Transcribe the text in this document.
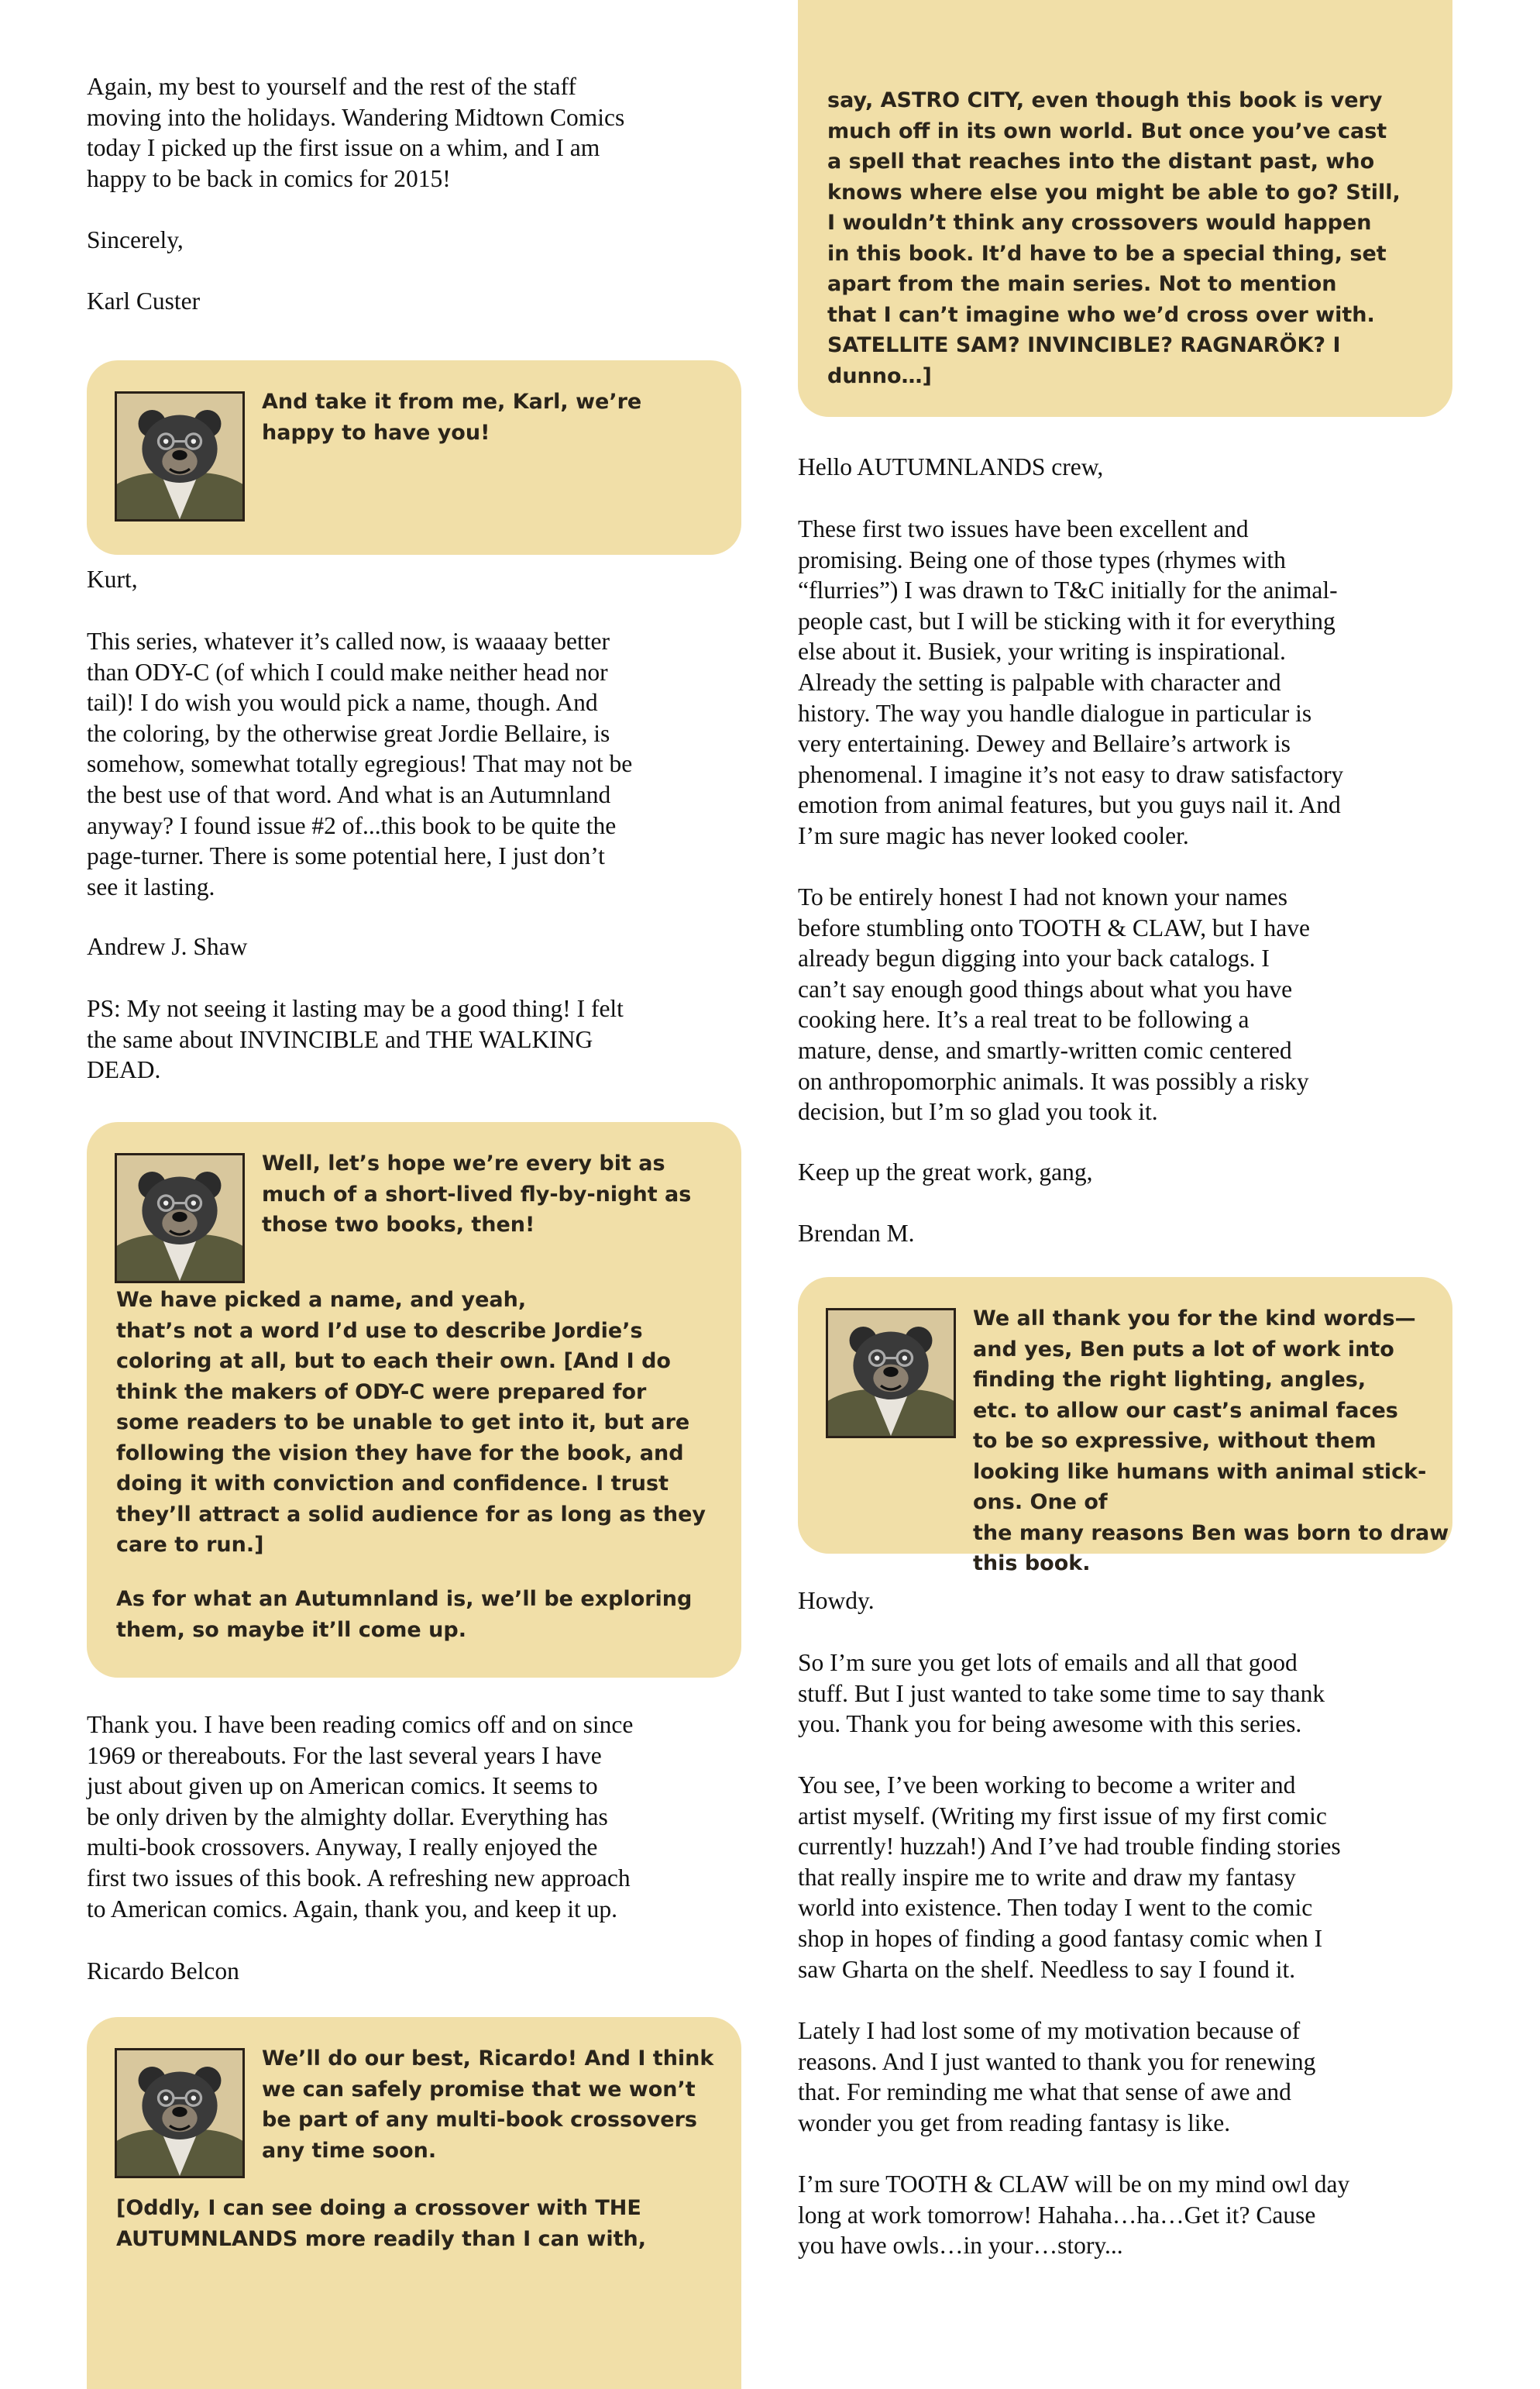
Again, my best to yourself and the rest of the staff
moving into the holidays. Wandering Midtown Comics
today I picked up the first issue on a whim, and I am
happy to be back in comics for 2015!

Sincerely,

Karl Custer

And take it from me, Karl, we’re
happy to have you!

Kurt,

This series, whatever it’s called now, is waaaay better
than ODY-C (of which I could make neither head nor
tail)! I do wish you would pick a name, though. And
the coloring, by the otherwise great Jordie Bellaire, is
somehow, somewhat totally egregious! That may not be
the best use of that word. And what is an Autumnland
anyway? I found issue #2 of...this book to be quite the
page-turner. There is some potential here, I just don’t
see it lasting.

Andrew J. Shaw

PS: My not seeing it lasting may be a good thing! I felt
the same about INVINCIBLE and THE WALKING
DEAD.

Well, let’s hope we’re every bit as
much of a short-lived fly-by-night as
those two books, then!

We have picked a name, and yeah,
that’s not a word I’d use to describe Jordie’s
coloring at all, but to each their own. [And I do
think the makers of ODY-C were prepared for
some readers to be unable to get into it, but are
following the vision they have for the book, and
doing it with conviction and confidence. I trust
they’ll attract a solid audience for as long as they
care to run.]

As for what an Autumnland is, we’ll be exploring
them, so maybe it’ll come up.

Thank you. I have been reading comics off and on since
1969 or thereabouts. For the last several years I have
just about given up on American comics. It seems to
be only driven by the almighty dollar. Everything has
multi-book crossovers. Anyway, I really enjoyed the
first two issues of this book. A refreshing new approach
to American comics. Again, thank you, and keep it up.

Ricardo Belcon

We’ll do our best, Ricardo! And I think
we can safely promise that we won’t
be part of any multi-book crossovers
any time soon.

[Oddly, I can see doing a crossover with THE
AUTUMNLANDS more readily than I can with,

say, ASTRO CITY, even though this book is very
much off in its own world. But once you’ve cast
a spell that reaches into the distant past, who
knows where else you might be able to go? Still,
I wouldn’t think any crossovers would happen
in this book. It’d have to be a special thing, set
apart from the main series. Not to mention
that I can’t imagine who we’d cross over with.
SATELLITE SAM? INVINCIBLE? RAGNARÖK? I
dunno…]

Hello AUTUMNLANDS crew,

These first two issues have been excellent and
promising. Being one of those types (rhymes with
“flurries”) I was drawn to T&C initially for the animal-
people cast, but I will be sticking with it for everything
else about it. Busiek, your writing is inspirational.
Already the setting is palpable with character and
history. The way you handle dialogue in particular is
very entertaining. Dewey and Bellaire’s artwork is
phenomenal. I imagine it’s not easy to draw satisfactory
emotion from animal features, but you guys nail it. And
I’m sure magic has never looked cooler.

To be entirely honest I had not known your names
before stumbling onto TOOTH & CLAW, but I have
already begun digging into your back catalogs. I
can’t say enough good things about what you have
cooking here. It’s a real treat to be following a
mature, dense, and smartly-written comic centered
on anthropomorphic animals. It was possibly a risky
decision, but I’m so glad you took it.

Keep up the great work, gang,

Brendan M.

We all thank you for the kind words—
and yes, Ben puts a lot of work into
finding the right lighting, angles,
etc. to allow our cast’s animal faces
to be so expressive, without them
looking like humans with animal stick-ons. One of
the many reasons Ben was born to draw this book.

Howdy.

So I’m sure you get lots of emails and all that good
stuff. But I just wanted to take some time to say thank
you. Thank you for being awesome with this series.

You see, I’ve been working to become a writer and
artist myself. (Writing my first issue of my first comic
currently! huzzah!) And I’ve had trouble finding stories
that really inspire me to write and draw my fantasy
world into existence. Then today I went to the comic
shop in hopes of finding a good fantasy comic when I
saw Gharta on the shelf. Needless to say I found it.

Lately I had lost some of my motivation because of
reasons. And I just wanted to thank you for renewing
that. For reminding me what that sense of awe and
wonder you get from reading fantasy is like.

I’m sure TOOTH & CLAW will be on my mind owl day
long at work tomorrow! Hahaha…ha…Get it? Cause
you have owls…in your…story...
